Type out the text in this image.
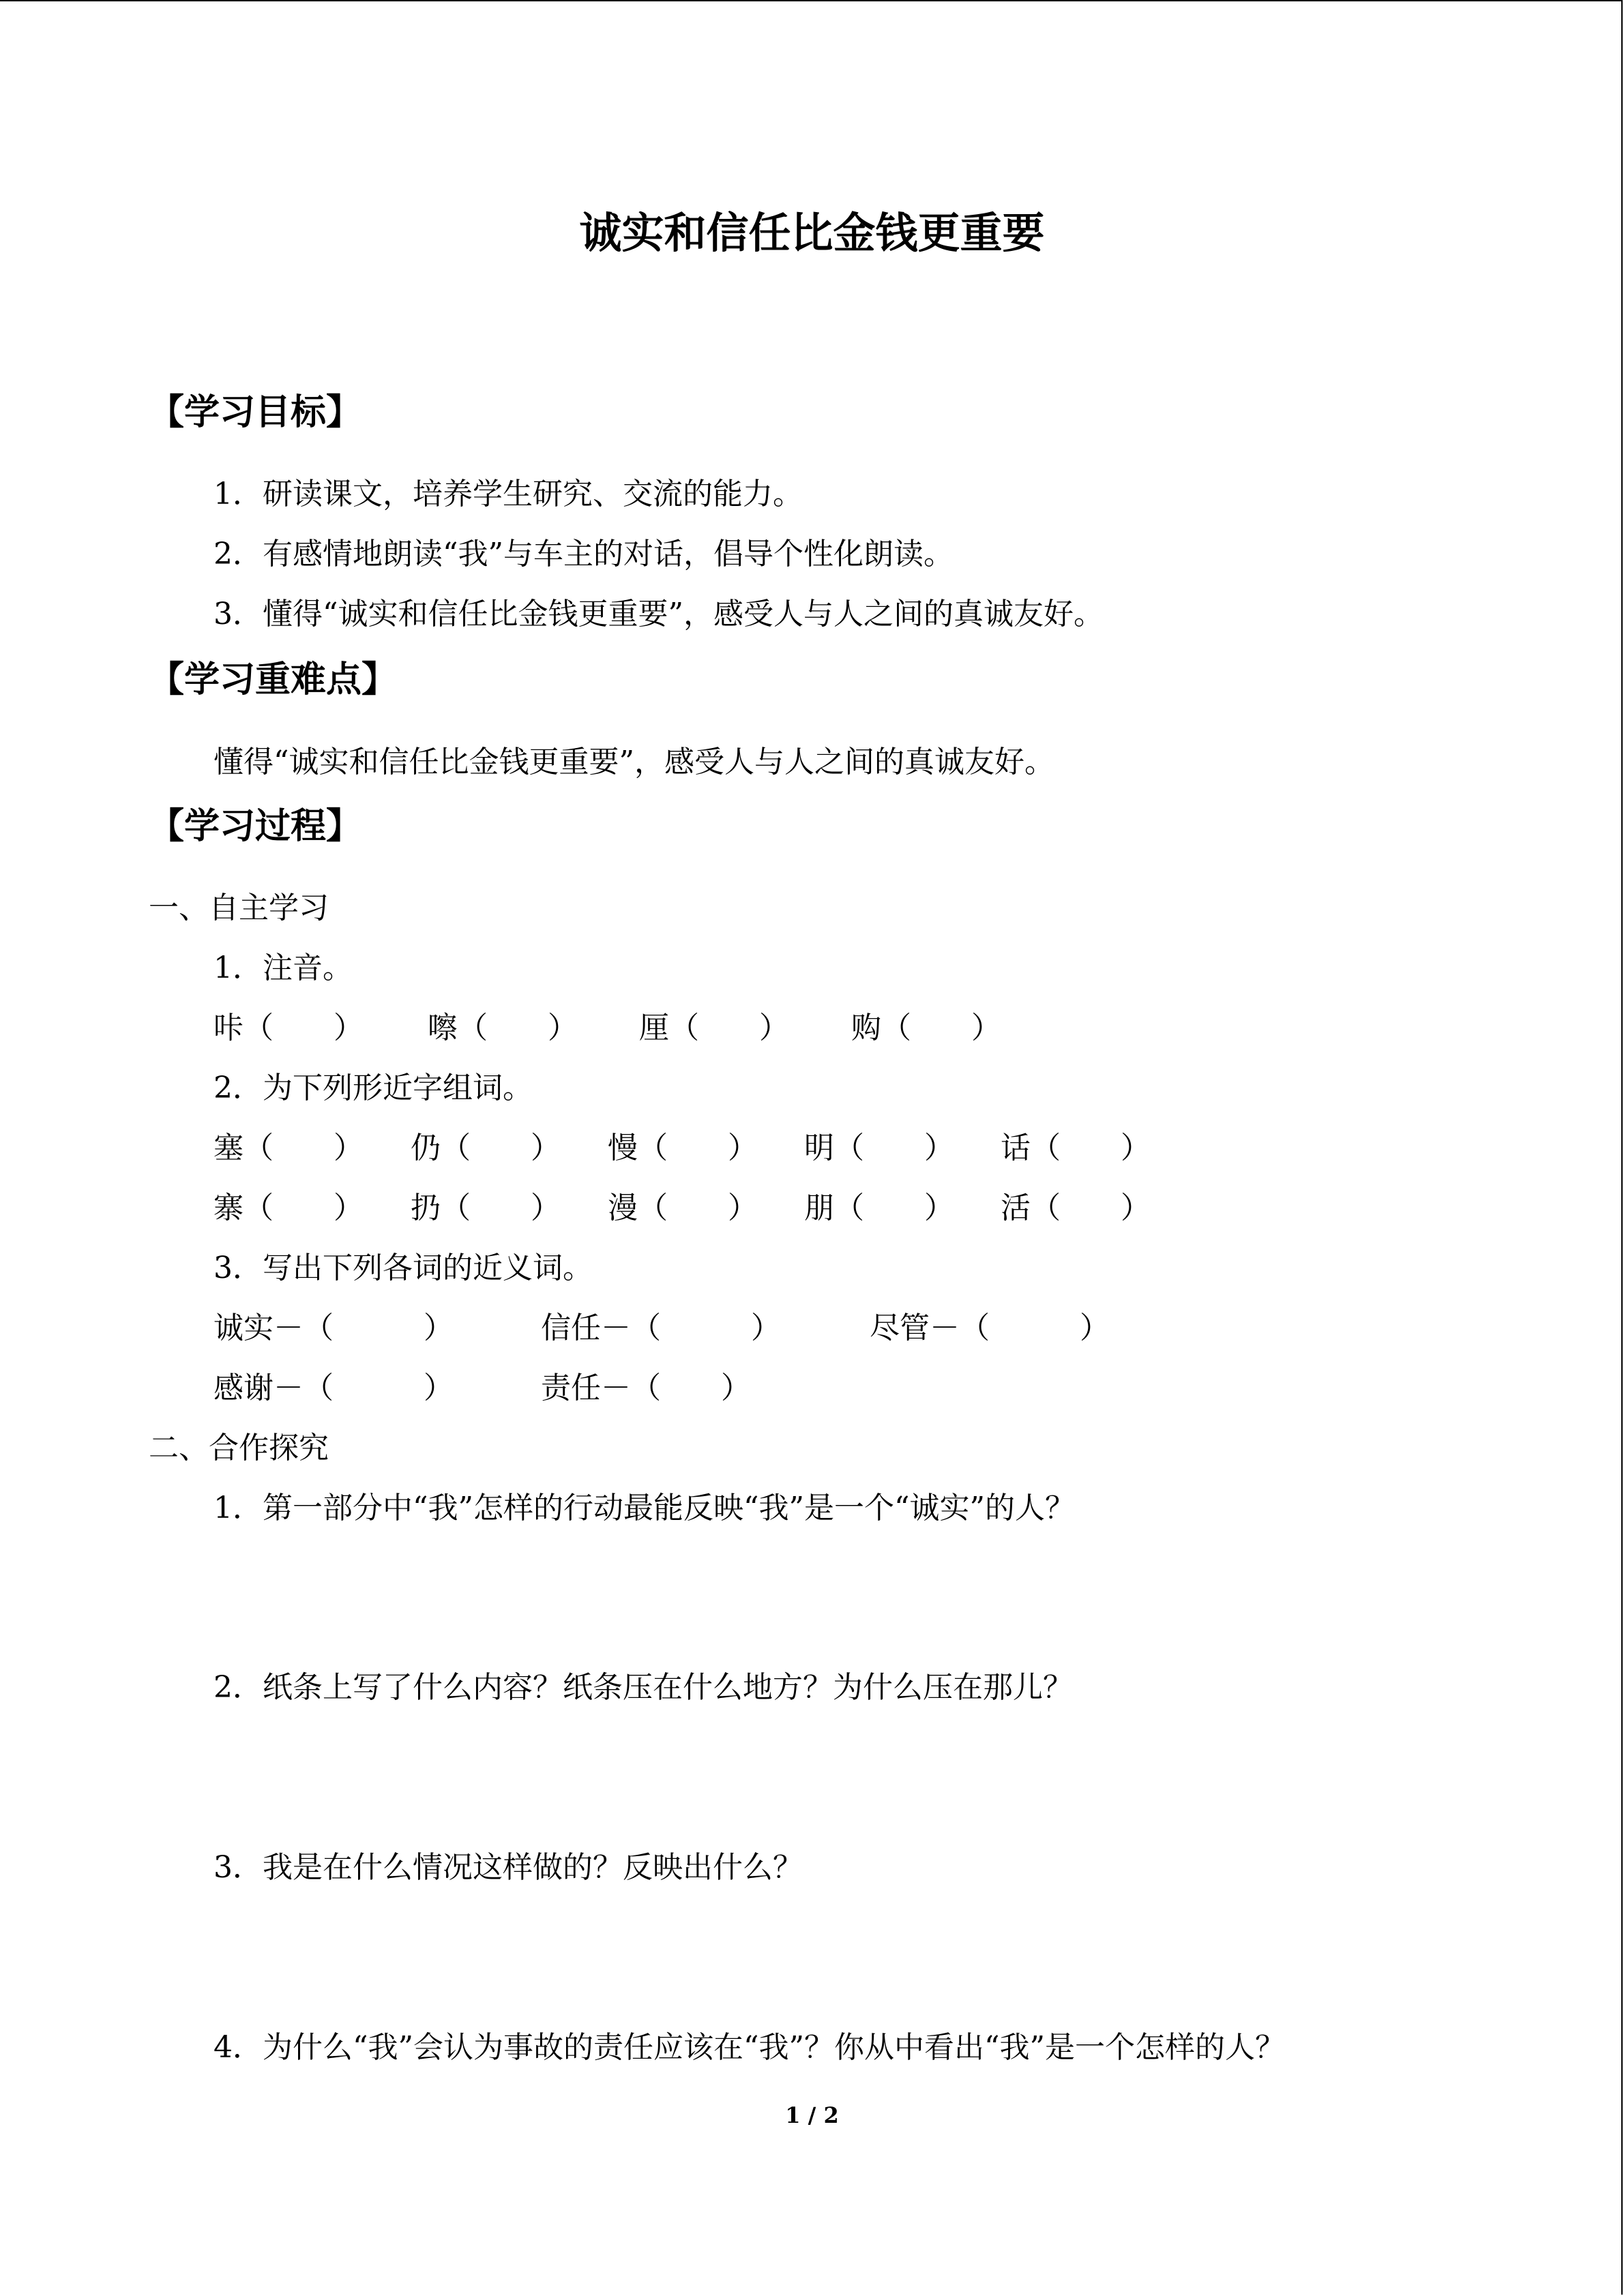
诚实和信任比金钱更重要
【学习目标】
1．研读课文，培养学生研究、交流的能力。
2．有感情地朗读“我”与车主的对话，倡导个性化朗读。
3．懂得“诚实和信任比金钱更重要”，感受人与人之间的真诚友好。
【学习重难点】
懂得“诚实和信任比金钱更重要”，感受人与人之间的真诚友好。
【学习过程】
一、自主学习
1．注音。
咔（　　） 嚓（　　） 厘（　　） 购（　　）
2．为下列形近字组词。
塞（　　） 仍（　　） 慢（　　） 明（　　） 话（　　）
寨（　　） 扔（　　） 漫（　　） 朋（　　） 活（　　）
3．写出下列各词的近义词。
诚实－（　　　）	信任－（　　　）	尽管－（　　　）
感谢－（　　　）	责任－（　　）
二、合作探究
1．第一部分中“我”怎样的行动最能反映“我”是一个“诚实”的人？
2．纸条上写了什么内容？纸条压在什么地方？为什么压在那儿？
3．我是在什么情况这样做的？反映出什么？
4．为什么“我”会认为事故的责任应该在“我”？你从中看出“我”是一个怎样的人？
1 / 2
